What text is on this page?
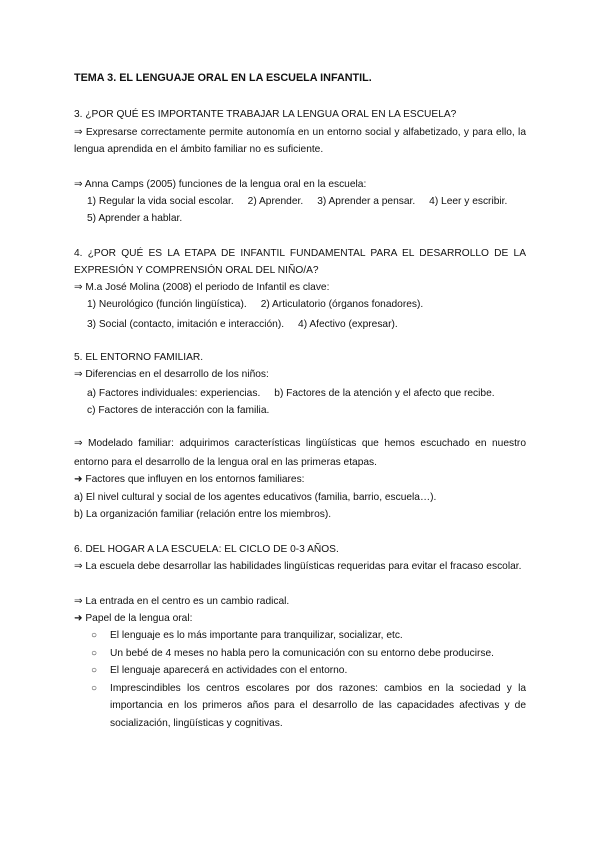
TEMA 3. EL LENGUAJE ORAL EN LA ESCUELA INFANTIL.
3. ¿POR QUÉ ES IMPORTANTE TRABAJAR LA LENGUA ORAL EN LA ESCUELA?
⇒ Expresarse correctamente permite autonomía en un entorno social y alfabetizado, y para ello, la
lengua aprendida en el ámbito familiar no es suficiente.
⇒ Anna Camps (2005) funciones de la lengua oral en la escuela:
1) Regular la vida social escolar. 2) Aprender. 3) Aprender a pensar. 4) Leer y escribir.
5) Aprender a hablar.
4. ¿POR QUÉ ES LA ETAPA DE INFANTIL FUNDAMENTAL PARA EL DESARROLLO DE LA
EXPRESIÓN Y COMPRENSIÓN ORAL DEL NIÑO/A?
⇒ M.a José Molina (2008) el periodo de Infantil es clave:
1) Neurológico (función lingüística). 2) Articulatorio (órganos fonadores).
3) Social (contacto, imitación e interacción). 4) Afectivo (expresar).
5. EL ENTORNO FAMILIAR.
⇒ Diferencias en el desarrollo de los niños:
a) Factores individuales: experiencias. b) Factores de la atención y el afecto que recibe.
c) Factores de interacción con la familia.
⇒ Modelado familiar: adquirimos características lingüísticas que hemos escuchado en nuestro
entorno para el desarrollo de la lengua oral en las primeras etapas.
➜ Factores que influyen en los entornos familiares:
a) El nivel cultural y social de los agentes educativos (familia, barrio, escuela…).
b) La organización familiar (relación entre los miembros).
6. DEL HOGAR A LA ESCUELA: EL CICLO DE 0-3 AÑOS.
⇒ La escuela debe desarrollar las habilidades lingüísticas requeridas para evitar el fracaso escolar.
⇒ La entrada en el centro es un cambio radical.
➜ Papel de la lengua oral:
○ El lenguaje es lo más importante para tranquilizar, socializar, etc.
○ Un bebé de 4 meses no habla pero la comunicación con su entorno debe producirse.
○ El lenguaje aparecerá en actividades con el entorno.
○ Imprescindibles los centros escolares por dos razones: cambios en la sociedad y la
importancia en los primeros años para el desarrollo de las capacidades afectivas y de
socialización, lingüísticas y cognitivas.
